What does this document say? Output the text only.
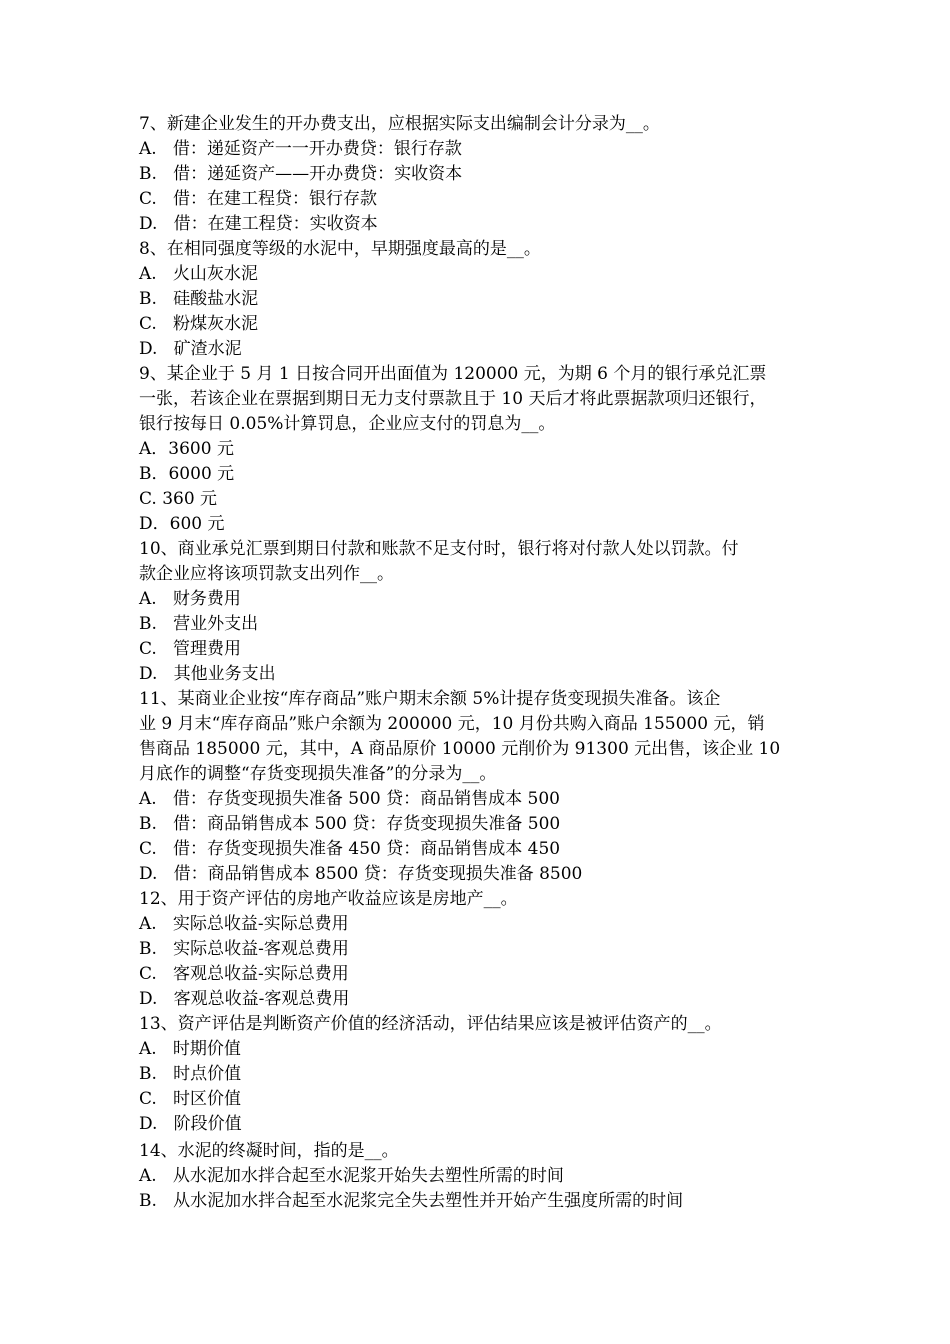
7、新建企业发生的开办费支出，应根据实际支出编制会计分录为__。
A.   借：递延资产一一开办费贷：银行存款
B.   借：递延资产——开办费贷：实收资本
C.   借：在建工程贷：银行存款
D.   借：在建工程贷：实收资本
8、在相同强度等级的水泥中，早期强度最高的是__。
A.   火山灰水泥
B.   硅酸盐水泥
C.   粉煤灰水泥
D.   矿渣水泥
9、某企业于 5 月 1 日按合同开出面值为 120000 元，为期 6 个月的银行承兑汇票
一张，若该企业在票据到期日无力支付票款且于 10 天后才将此票据款项归还银行，
银行按每日 0.05%计算罚息，企业应支付的罚息为__。
A．3600 元
B．6000 元
C. 360 元
D．600 元
10、商业承兑汇票到期日付款和账款不足支付时，银行将对付款人处以罚款。付
款企业应将该项罚款支出列作__。
A.   财务费用
B.   营业外支出
C.   管理费用
D.   其他业务支出
11、某商业企业按“库存商品”账户期末余额 5%计提存货变现损失准备。该企
业 9 月末“库存商品”账户余额为 200000 元，10 月份共购入商品 155000 元，销
售商品 185000 元，其中，A 商品原价 10000 元削价为 91300 元出售，该企业 10
月底作的调整“存货变现损失准备”的分录为__。
A.   借：存货变现损失准备 500 贷：商品销售成本 500
B.   借：商品销售成本 500 贷：存货变现损失准备 500
C.   借：存货变现损失准备 450 贷：商品销售成本 450
D.   借：商品销售成本 8500 贷：存货变现损失准备 8500
12、用于资产评估的房地产收益应该是房地产__。
A.   实际总收益-实际总费用
B.   实际总收益-客观总费用
C.   客观总收益-实际总费用
D.   客观总收益-客观总费用
13、资产评估是判断资产价值的经济活动，评估结果应该是被评估资产的__。
A.   时期价值
B.   时点价值
C.   时区价值
D.   阶段价值
14、水泥的终凝时间，指的是__。
A.   从水泥加水拌合起至水泥浆开始失去塑性所需的时间
B.   从水泥加水拌合起至水泥浆完全失去塑性并开始产生强度所需的时间
